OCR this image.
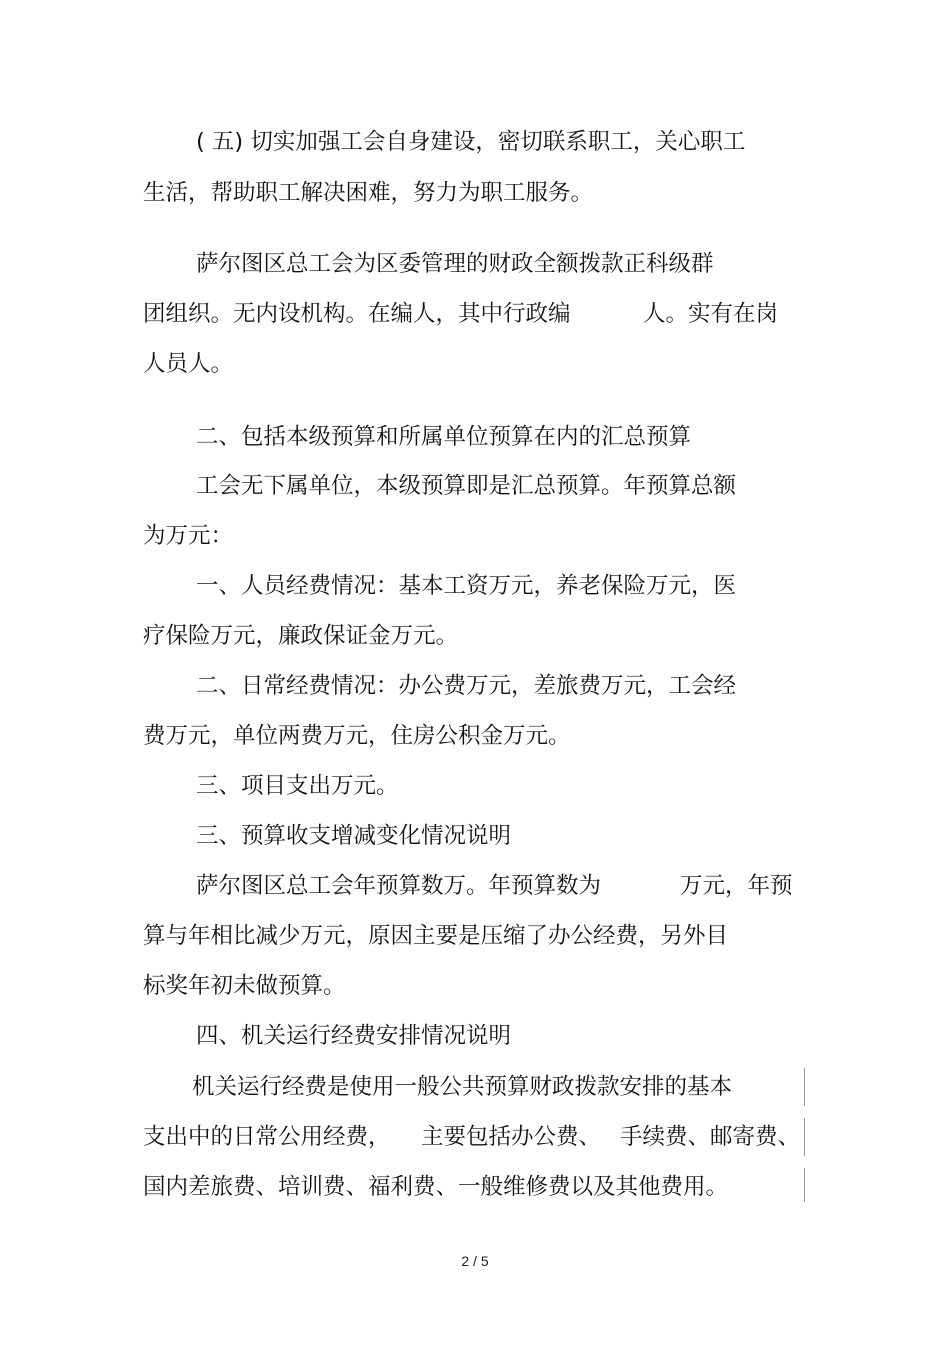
( 五) 切实加强工会自身建设，密切联系职工，关心职工
生活，帮助职工解决困难，努力为职工服务。
萨尔图区总工会为区委管理的财政全额拨款正科级群
团组织。无内设机构。在编人，其中行政编	人。实有在岗
人员人。
二、包括本级预算和所属单位预算在内的汇总预算
工会无下属单位，本级预算即是汇总预算。年预算总额
为万元：
一、人员经费情况：基本工资万元，养老保险万元，医
疗保险万元，廉政保证金万元。
二、日常经费情况：办公费万元，差旅费万元，工会经
费万元，单位两费万元，住房公积金万元。
三、项目支出万元。
三、预算收支增减变化情况说明
萨尔图区总工会年预算数万。年预算数为	万元，年预
算与年相比减少万元，原因主要是压缩了办公经费，另外目
标奖年初未做预算。
四、机关运行经费安排情况说明
机关运行经费是使用一般公共预算财政拨款安排的基本
支出中的日常公用经费， 主要包括办公费、 手续费、邮寄费、
国内差旅费、培训费、福利费、一般维修费以及其他费用。
2 / 5
